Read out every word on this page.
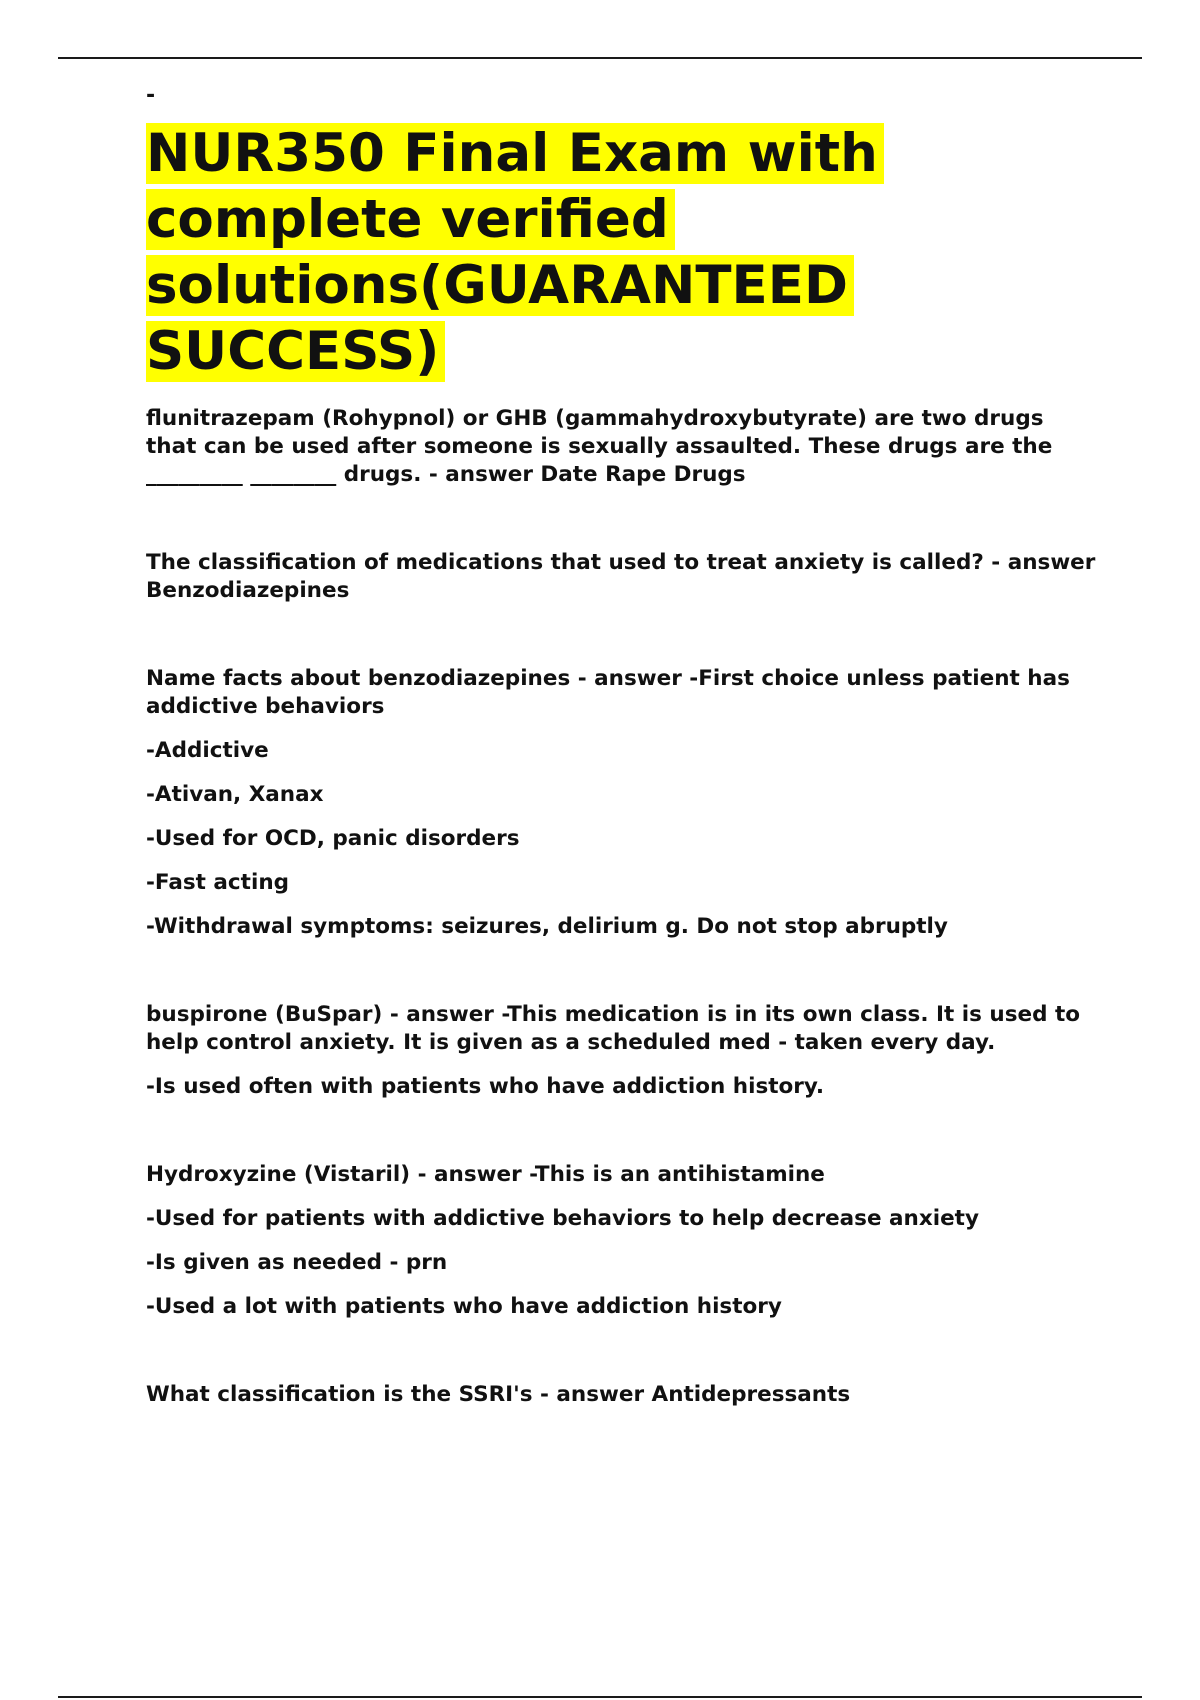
-
NUR350 Final Exam with complete verified solutions(GUARANTEED SUCCESS)

flunitrazepam (Rohypnol) or GHB (gammahydroxybutyrate) are two drugs that can be used after someone is sexually assaulted. These drugs are the _________ ________ drugs. - answer Date Rape Drugs

The classification of medications that used to treat anxiety is called? - answer Benzodiazepines

Name facts about benzodiazepines - answer -First choice unless patient has addictive behaviors

-Addictive

-Ativan, Xanax

-Used for OCD, panic disorders

-Fast acting

-Withdrawal symptoms: seizures, delirium g. Do not stop abruptly

buspirone (BuSpar) - answer -This medication is in its own class. It is used to help control anxiety. It is given as a scheduled med - taken every day.

-Is used often with patients who have addiction history.

Hydroxyzine (Vistaril) - answer -This is an antihistamine

-Used for patients with addictive behaviors to help decrease anxiety

-Is given as needed - prn

-Used a lot with patients who have addiction history

What classification is the SSRI's - answer Antidepressants
